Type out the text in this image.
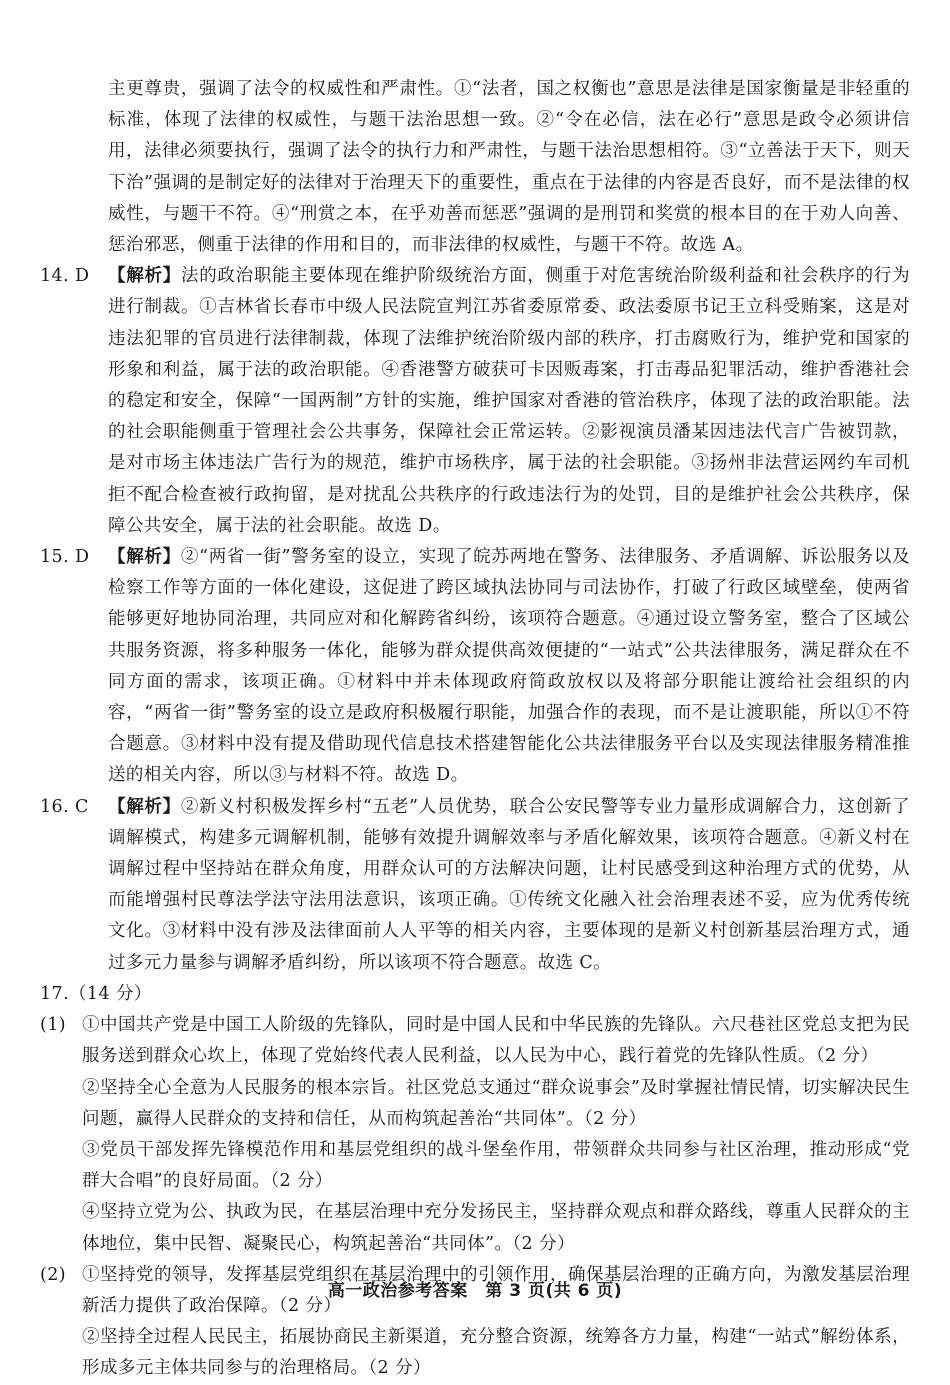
主更尊贵，强调了法令的权威性和严肃性。①“法者，国之权衡也”意思是法律是国家衡量是非轻重的标准，体现了法律的权威性，与题干法治思想一致。②“令在必信，法在必行”意思是政令必须讲信用，法律必须要执行，强调了法令的执行力和严肃性，与题干法治思想相符。③“立善法于天下，则天下治”强调的是制定好的法律对于治理天下的重要性，重点在于法律的内容是否良好，而不是法律的权威性，与题干不符。④“刑赏之本，在乎劝善而惩恶”强调的是刑罚和奖赏的根本目的在于劝人向善、惩治邪恶，侧重于法律的作用和目的，而非法律的权威性，与题干不符。故选 A。

14. D 【解析】法的政治职能主要体现在维护阶级统治方面，侧重于对危害统治阶级利益和社会秩序的行为进行制裁。①吉林省长春市中级人民法院宣判江苏省委原常委、政法委原书记王立科受贿案，这是对违法犯罪的官员进行法律制裁，体现了法维护统治阶级内部的秩序，打击腐败行为，维护党和国家的形象和利益，属于法的政治职能。④香港警方破获可卡因贩毒案，打击毒品犯罪活动，维护香港社会的稳定和安全，保障“一国两制”方针的实施，维护国家对香港的管治秩序，体现了法的政治职能。法的社会职能侧重于管理社会公共事务，保障社会正常运转。②影视演员潘某因违法代言广告被罚款，是对市场主体违法广告行为的规范，维护市场秩序，属于法的社会职能。③扬州非法营运网约车司机拒不配合检查被行政拘留，是对扰乱公共秩序的行政违法行为的处罚，目的是维护社会公共秩序，保障公共安全，属于法的社会职能。故选 D。
15. D 【解析】②“两省一街”警务室的设立，实现了皖苏两地在警务、法律服务、矛盾调解、诉讼服务以及检察工作等方面的一体化建设，这促进了跨区域执法协同与司法协作，打破了行政区域壁垒，使两省能够更好地协同治理，共同应对和化解跨省纠纷，该项符合题意。④通过设立警务室，整合了区域公共服务资源，将多种服务一体化，能够为群众提供高效便捷的“一站式”公共法律服务，满足群众在不同方面的需求，该项正确。①材料中并未体现政府简政放权以及将部分职能让渡给社会组织的内容，“两省一街”警务室的设立是政府积极履行职能，加强合作的表现，而不是让渡职能，所以①不符合题意。③材料中没有提及借助现代信息技术搭建智能化公共法律服务平台以及实现法律服务精准推送的相关内容，所以③与材料不符。故选 D。
16. C 【解析】②新义村积极发挥乡村“五老”人员优势，联合公安民警等专业力量形成调解合力，这创新了调解模式，构建多元调解机制，能够有效提升调解效率与矛盾化解效果，该项符合题意。④新义村在调解过程中坚持站在群众角度，用群众认可的方法解决问题，让村民感受到这种治理方式的优势，从而能增强村民尊法学法守法用法意识，该项正确。①传统文化融入社会治理表述不妥，应为优秀传统文化。③材料中没有涉及法律面前人人平等的相关内容，主要体现的是新义村创新基层治理方式，通过多元力量参与调解矛盾纠纷，所以该项不符合题意。故选 C。
17.（14 分）
(1) ①中国共产党是中国工人阶级的先锋队，同时是中国人民和中华民族的先锋队。六尺巷社区党总支把为民服务送到群众心坎上，体现了党始终代表人民利益，以人民为中心，践行着党的先锋队性质。（2 分）
②坚持全心全意为人民服务的根本宗旨。社区党总支通过“群众说事会”及时掌握社情民情，切实解决民生问题，赢得人民群众的支持和信任，从而构筑起善治“共同体”。（2 分）
③党员干部发挥先锋模范作用和基层党组织的战斗堡垒作用，带领群众共同参与社区治理，推动形成“党群大合唱”的良好局面。（2 分）
④坚持立党为公、执政为民，在基层治理中充分发扬民主，坚持群众观点和群众路线，尊重人民群众的主体地位，集中民智、凝聚民心，构筑起善治“共同体”。（2 分）
(2) ①坚持党的领导，发挥基层党组织在基层治理中的引领作用，确保基层治理的正确方向，为激发基层治理新活力提供了政治保障。（2 分）
②坚持全过程人民民主，拓展协商民主新渠道，充分整合资源，统筹各方力量，构建“一站式”解纷体系，形成多元主体共同参与的治理格局。（2 分）
高一政治参考答案　第 3 页(共 6 页)
